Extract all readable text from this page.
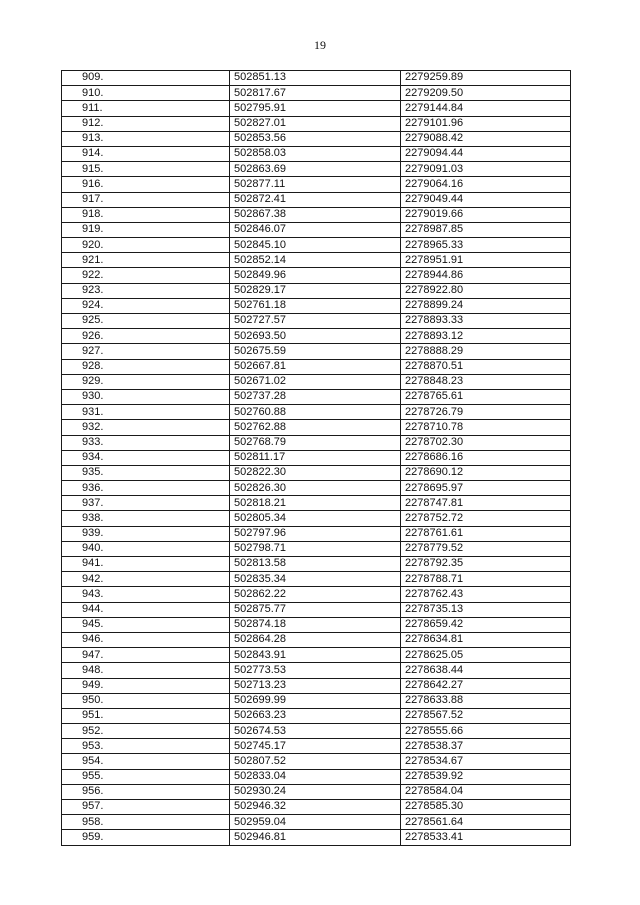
19
909.	502851.13	2279259.89
910.	502817.67	2279209.50
911.	502795.91	2279144.84
912.	502827.01	2279101.96
913.	502853.56	2279088.42
914.	502858.03	2279094.44
915.	502863.69	2279091.03
916.	502877.11	2279064.16
917.	502872.41	2279049.44
918.	502867.38	2279019.66
919.	502846.07	2278987.85
920.	502845.10	2278965.33
921.	502852.14	2278951.91
922.	502849.96	2278944.86
923.	502829.17	2278922.80
924.	502761.18	2278899.24
925.	502727.57	2278893.33
926.	502693.50	2278893.12
927.	502675.59	2278888.29
928.	502667.81	2278870.51
929.	502671.02	2278848.23
930.	502737.28	2278765.61
931.	502760.88	2278726.79
932.	502762.88	2278710.78
933.	502768.79	2278702.30
934.	502811.17	2278686.16
935.	502822.30	2278690.12
936.	502826.30	2278695.97
937.	502818.21	2278747.81
938.	502805.34	2278752.72
939.	502797.96	2278761.61
940.	502798.71	2278779.52
941.	502813.58	2278792.35
942.	502835.34	2278788.71
943.	502862.22	2278762.43
944.	502875.77	2278735.13
945.	502874.18	2278659.42
946.	502864.28	2278634.81
947.	502843.91	2278625.05
948.	502773.53	2278638.44
949.	502713.23	2278642.27
950.	502699.99	2278633.88
951.	502663.23	2278567.52
952.	502674.53	2278555.66
953.	502745.17	2278538.37
954.	502807.52	2278534.67
955.	502833.04	2278539.92
956.	502930.24	2278584.04
957.	502946.32	2278585.30
958.	502959.04	2278561.64
959.	502946.81	2278533.41
